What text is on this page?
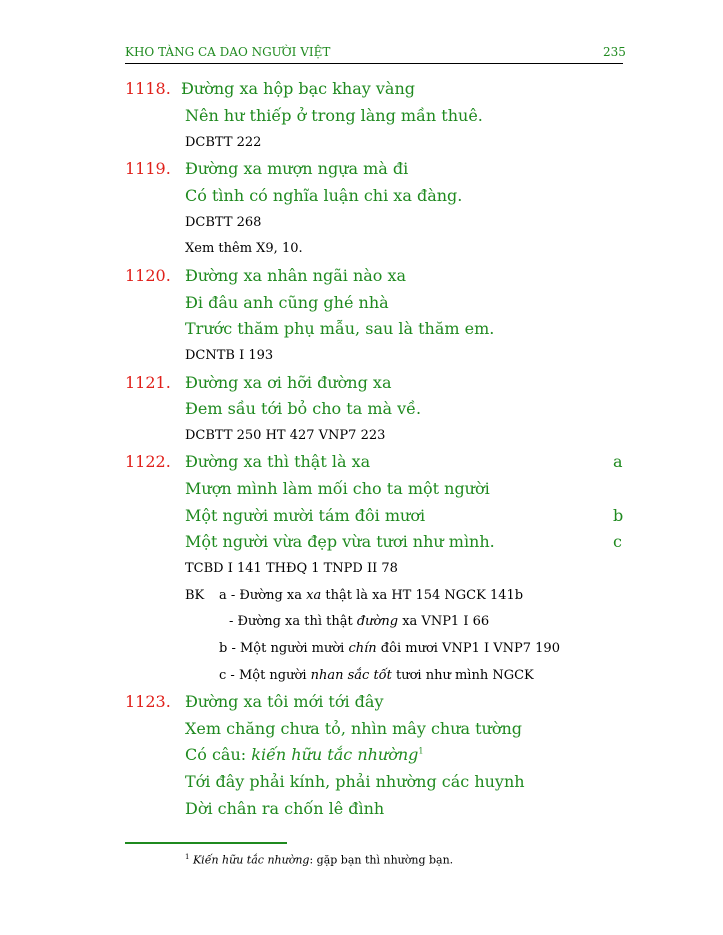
KHO TÀNG CA DAO NGƯỜI VIỆT	235
1118. Đường xa hộp bạc khay vàng
Nên hư thiếp ở trong làng mần thuê.
DCBTT 222
1119. Đường xa mượn ngựa mà đi
Có tình có nghĩa luận chi xa đàng.
DCBTT 268
Xem thêm X9, 10.
1120. Đường xa nhân ngãi nào xa
Đi đâu anh cũng ghé nhà
Trước thăm phụ mẫu, sau là thăm em.
DCNTB I 193
1121. Đường xa ơi hỡi đường xa
Đem sầu tới bỏ cho ta mà về.
DCBTT 250 HT 427 VNP7 223
1122. Đường xa thì thật là xa	a
Mượn mình làm mối cho ta một người
Một người mười tám đôi mươi	b
Một người vừa đẹp vừa tươi như mình.	c
TCBD I 141 THĐQ 1 TNPD II 78
BK a - Đường xa xa thật là xa HT 154 NGCK 141b
- Đường xa thì thật đường xa VNP1 I 66
b - Một người mười chín đôi mươi VNP1 I VNP7 190
c - Một người nhan sắc tốt tươi như mình NGCK
1123. Đường xa tôi mới tới đây
Xem chăng chưa tỏ, nhìn mây chưa tường
Có câu: kiến hữu tắc nhường$^1$
Tới đây phải kính, phải nhường các huynh
Dời chân ra chốn lê đình
$^1$ Kiến hữu tắc nhường: gặp bạn thì nhường bạn.
